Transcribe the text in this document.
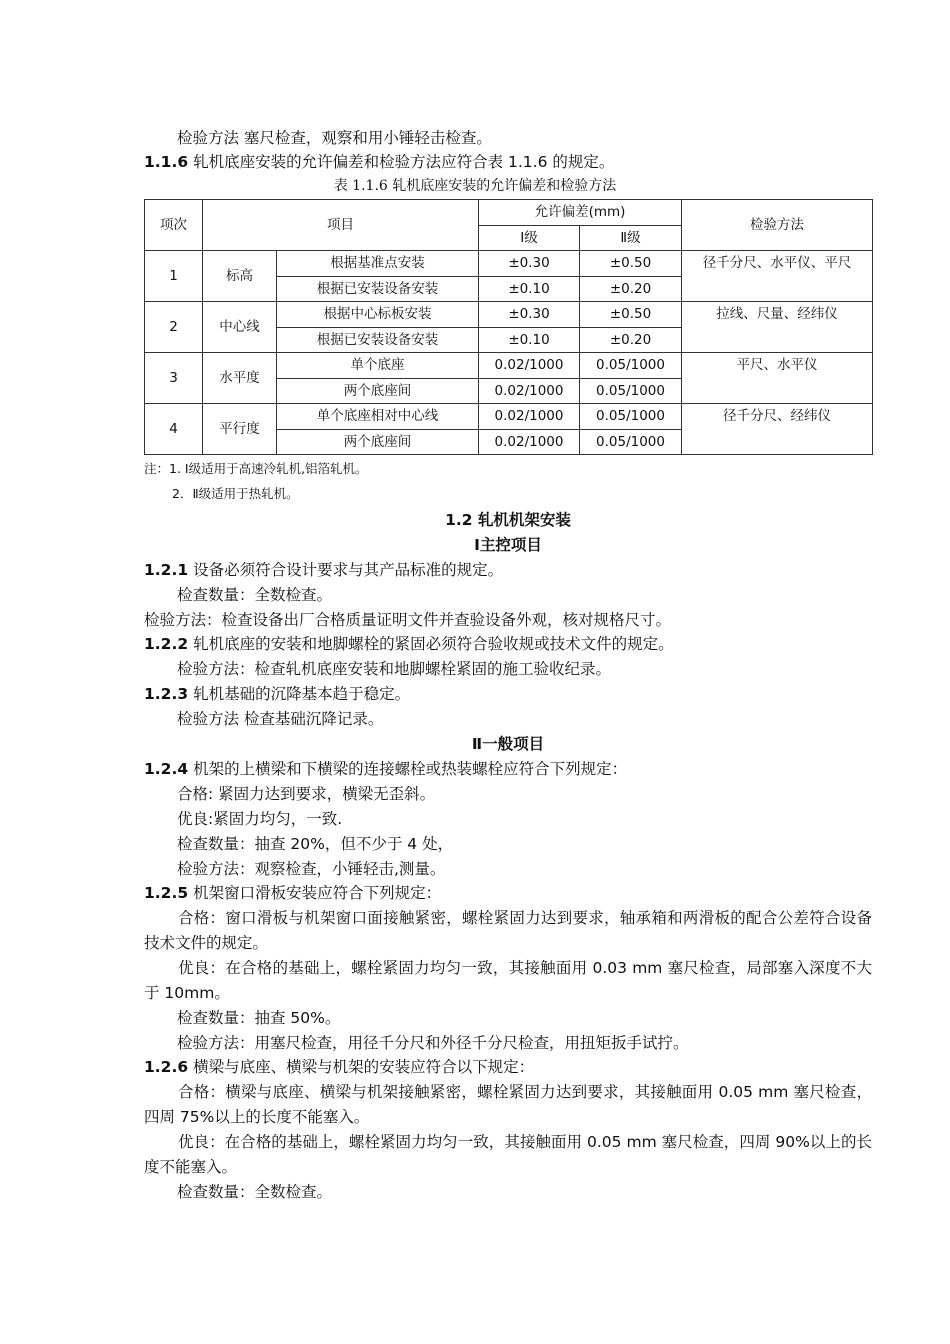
检验方法 塞尺检查，观察和用小锤轻击检查。
1.1.6 轧机底座安装的允许偏差和检验方法应符合表 1.1.6 的规定。
表 1.1.6 轧机底座安装的允许偏差和检验方法
项次	项目		允许偏差(mm)		检验方法
			Ⅰ级	Ⅱ级	
1	标高	根据基准点安装	±0.30	±0.50	径千分尺、水平仪、平尺
		根据已安装设备安装	±0.10	±0.20	
2	中心线	根据中心标板安装	±0.30	±0.50	拉线、尺量、经纬仪
		根据已安装设备安装	±0.10	±0.20	
3	水平度	单个底座	0.02/1000	0.05/1000	平尺、水平仪
		两个底座间	0.02/1000	0.05/1000	
4	平行度	单个底座相对中心线	0.02/1000	0.05/1000	径千分尺、经纬仪
		两个底座间	0.02/1000	0.05/1000	
注：1. Ⅰ级适用于高速冷轧机,铝箔轧机。
2．Ⅱ级适用于热轧机。
1.2 轧机机架安装
Ⅰ主控项目
1.2.1 设备必须符合设计要求与其产品标准的规定。
检查数量：全数检查。
检验方法：检查设备出厂合格质量证明文件并查验设备外观，核对规格尺寸。
1.2.2 轧机底座的安装和地脚螺栓的紧固必须符合验收规或技术文件的规定。
检验方法：检查轧机底座安装和地脚螺栓紧固的施工验收纪录。
1.2.3 轧机基础的沉降基本趋于稳定。
检验方法 检查基础沉降记录。
Ⅱ一般项目
1.2.4 机架的上横梁和下横梁的连接螺栓或热装螺栓应符合下列规定：
合格: 紧固力达到要求，横梁无歪斜。
优良:紧固力均匀，一致.
检查数量：抽查 20%，但不少于 4 处，
检验方法：观察检查，小锤轻击,测量。
1.2.5 机架窗口滑板安装应符合下列规定：
合格：窗口滑板与机架窗口面接触紧密，螺栓紧固力达到要求，轴承箱和两滑板的配合公差符合设备技术文件的规定。
优良：在合格的基础上，螺栓紧固力均匀一致，其接触面用 0.03 mm 塞尺检查，局部塞入深度不大于 10mm。
检查数量：抽查 50%。
检验方法：用塞尺检查，用径千分尺和外径千分尺检查，用扭矩扳手试拧。
1.2.6 横梁与底座、横梁与机架的安装应符合以下规定：
合格：横梁与底座、横梁与机架接触紧密，螺栓紧固力达到要求，其接触面用 0.05 mm 塞尺检查，四周 75%以上的长度不能塞入。
优良：在合格的基础上，螺栓紧固力均匀一致，其接触面用 0.05 mm 塞尺检查，四周 90%以上的长度不能塞入。
检查数量：全数检查。
